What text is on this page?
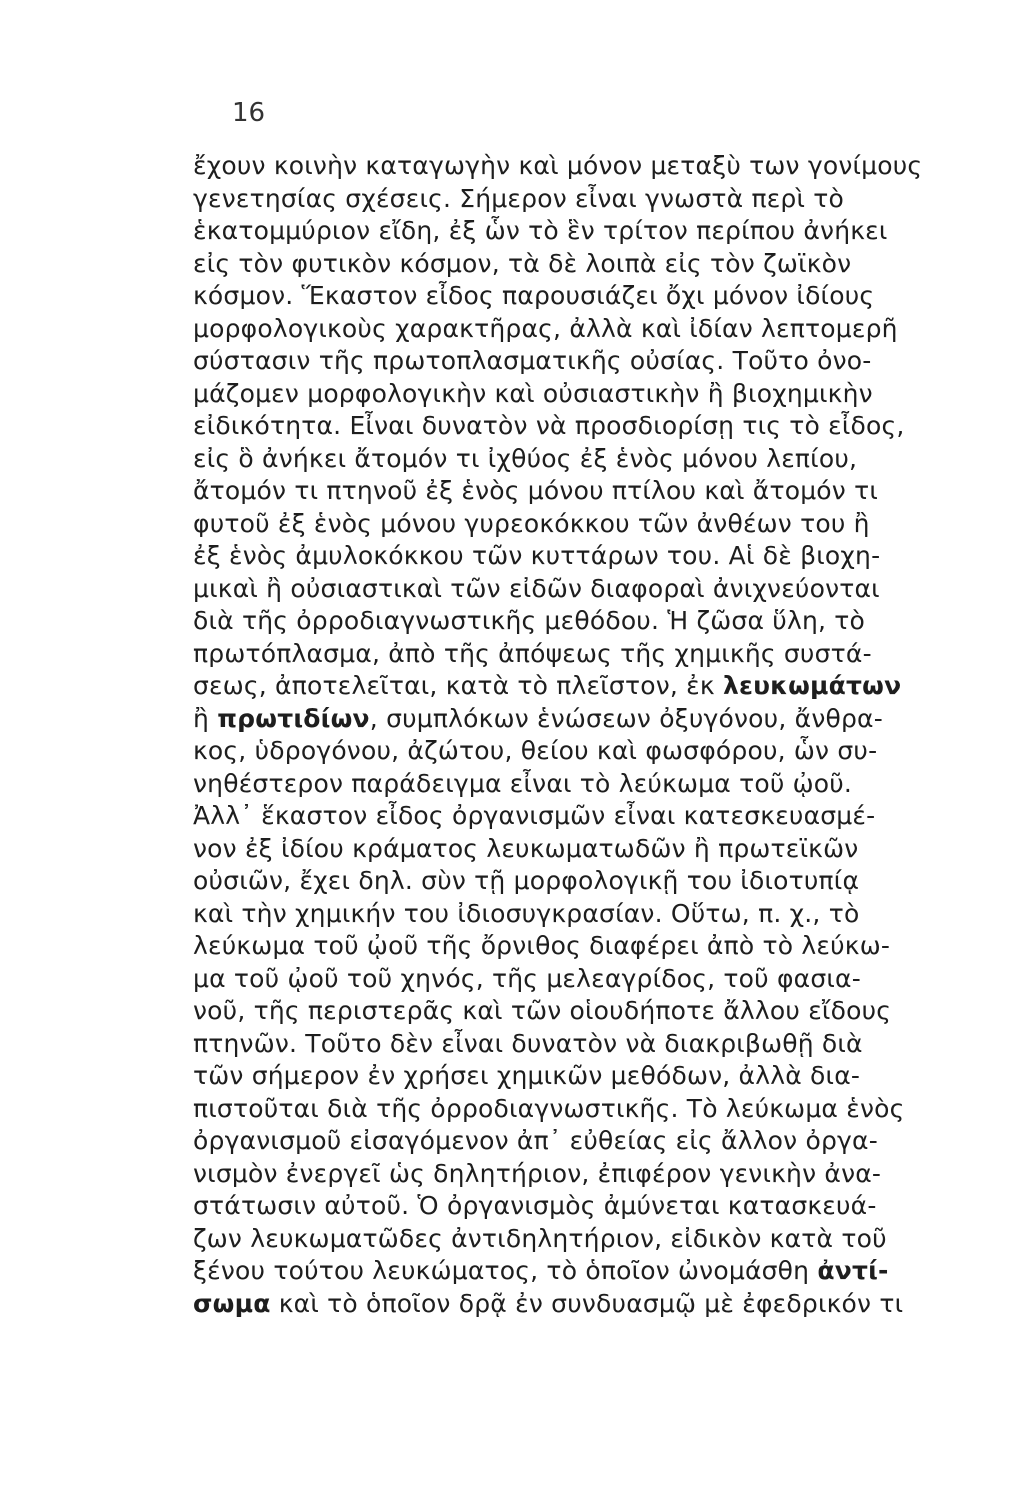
16
ἔχουν κοινὴν καταγωγὴν καὶ μόνον μεταξὺ των γονίμους
γενετησίας σχέσεις. Σήμερον εἶναι γνωστὰ περὶ τὸ
ἑκατομμύριον εἴδη, ἐξ ὧν τὸ ἓν τρίτον περίπου ἀνήκει
εἰς τὸν φυτικὸν κόσμον, τὰ δὲ λοιπὰ εἰς τὸν ζωϊκὸν
κόσμον. Ἕκαστον εἶδος παρουσιάζει ὄχι μόνον ἰδίους
μορφολογικοὺς χαρακτῆρας, ἀλλὰ καὶ ἰδίαν λεπτομερῆ
σύστασιν τῆς πρωτοπλασματικῆς οὐσίας. Τοῦτο ὀνο-
μάζομεν μορφολογικὴν καὶ οὐσιαστικὴν ἢ βιοχημικὴν
εἰδικότητα. Εἶναι δυνατὸν νὰ προσδιορίσῃ τις τὸ εἶδος,
εἰς ὃ ἀνήκει ἄτομόν τι ἰχθύος ἐξ ἑνὸς μόνου λεπίου,
ἄτομόν τι πτηνοῦ ἐξ ἑνὸς μόνου πτίλου καὶ ἄτομόν τι
φυτοῦ ἐξ ἑνὸς μόνου γυρεοκόκκου τῶν ἀνθέων του ἢ
ἐξ ἑνὸς ἀμυλοκόκκου τῶν κυττάρων του. Αἱ δὲ βιοχη-
μικαὶ ἢ οὐσιαστικαὶ τῶν εἰδῶν διαφοραὶ ἀνιχνεύονται
διὰ τῆς ὀρροδιαγνωστικῆς μεθόδου. Ἡ ζῶσα ὕλη, τὸ
πρωτόπλασμα, ἀπὸ τῆς ἀπόψεως τῆς χημικῆς συστά-
σεως, ἀποτελεῖται, κατὰ τὸ πλεῖστον, ἐκ λευκωμάτων
ἢ πρωτιδίων, συμπλόκων ἑνώσεων ὀξυγόνου, ἄνθρα-
κος, ὑδρογόνου, ἀζώτου, θείου καὶ φωσφόρου, ὧν συ-
νηθέστερον παράδειγμα εἶναι τὸ λεύκωμα τοῦ ᾠοῦ.
Ἀλλ᾽ ἕκαστον εἶδος ὀργανισμῶν εἶναι κατεσκευασμέ-
νον ἐξ ἰδίου κράματος λευκωματωδῶν ἢ πρωτεϊκῶν
οὐσιῶν, ἔχει δηλ. σὺν τῇ μορφολογικῇ του ἰδιοτυπίᾳ
καὶ τὴν χημικήν του ἰδιοσυγκρασίαν. Οὕτω, π. χ., τὸ
λεύκωμα τοῦ ᾠοῦ τῆς ὄρνιθος διαφέρει ἀπὸ τὸ λεύκω-
μα τοῦ ᾠοῦ τοῦ χηνός, τῆς μελεαγρίδος, τοῦ φασια-
νοῦ, τῆς περιστερᾶς καὶ τῶν οἱουδήποτε ἄλλου εἴδους
πτηνῶν. Τοῦτο δὲν εἶναι δυνατὸν νὰ διακριβωθῇ διὰ
τῶν σήμερον ἐν χρήσει χημικῶν μεθόδων, ἀλλὰ δια-
πιστοῦται διὰ τῆς ὀρροδιαγνωστικῆς. Τὸ λεύκωμα ἑνὸς
ὀργανισμοῦ εἰσαγόμενον ἀπ᾽ εὐθείας εἰς ἄλλον ὀργα-
νισμὸν ἐνεργεῖ ὡς δηλητήριον, ἐπιφέρον γενικὴν ἀνα-
στάτωσιν αὐτοῦ. Ὁ ὀργανισμὸς ἀμύνεται κατασκευά-
ζων λευκωματῶδες ἀντιδηλητήριον, εἰδικὸν κατὰ τοῦ
ξένου τούτου λευκώματος, τὸ ὁποῖον ὠνομάσθη ἀντί-
σωμα καὶ τὸ ὁποῖον δρᾷ ἐν συνδυασμῷ μὲ ἐφεδρικόν τι
